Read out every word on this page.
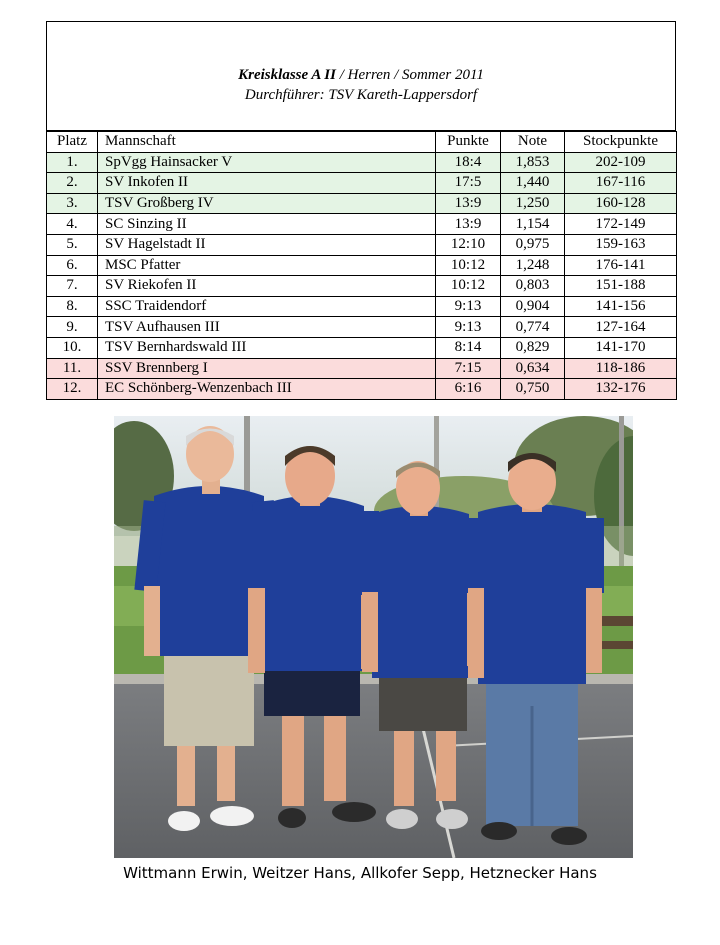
Kreisklasse A II / Herren / Sommer 2011
Durchführer: TSV Kareth-Lappersdorf
Platz	Mannschaft	Punkte	Note	Stockpunkte
1.	SpVgg Hainsacker V	18:4	1,853	202-109
2.	SV Inkofen II	17:5	1,440	167-116
3.	TSV Großberg IV	13:9	1,250	160-128
4.	SC Sinzing II	13:9	1,154	172-149
5.	SV Hagelstadt II	12:10	0,975	159-163
6.	MSC Pfatter	10:12	1,248	176-141
7.	SV Riekofen II	10:12	0,803	151-188
8.	SSC Traidendorf	9:13	0,904	141-156
9.	TSV Aufhausen III	9:13	0,774	127-164
10.	TSV Bernhardswald III	8:14	0,829	141-170
11.	SSV Brennberg I	7:15	0,634	118-186
12.	EC Schönberg-Wenzenbach III	6:16	0,750	132-176
Wittmann Erwin, Weitzer Hans, Allkofer Sepp, Hetznecker Hans
